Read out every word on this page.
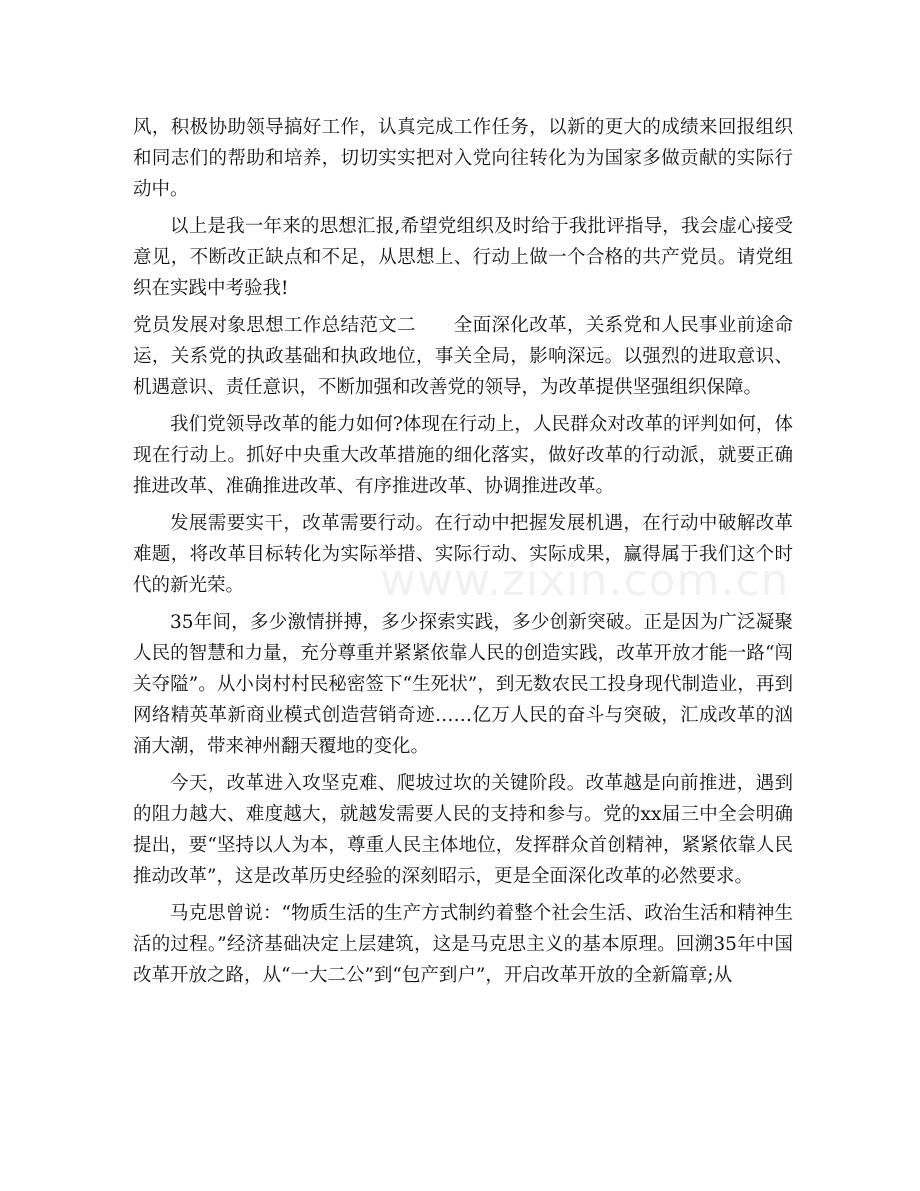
风，积极协助领导搞好工作，认真完成工作任务，以新的更大的成绩来回报组织和同志们的帮助和培养，切切实实把对入党向往转化为为国家多做贡献的实际行动中。

以上是我一年来的思想汇报,希望党组织及时给于我批评指导，我会虚心接受意见，不断改正缺点和不足，从思想上、行动上做一个合格的共产党员。请党组织在实践中考验我!

党员发展对象思想工作总结范文二　　全面深化改革，关系党和人民事业前途命运，关系党的执政基础和执政地位，事关全局，影响深远。以强烈的进取意识、机遇意识、责任意识，不断加强和改善党的领导，为改革提供坚强组织保障。

我们党领导改革的能力如何?体现在行动上，人民群众对改革的评判如何，体现在行动上。抓好中央重大改革措施的细化落实，做好改革的行动派，就要正确推进改革、准确推进改革、有序推进改革、协调推进改革。

发展需要实干，改革需要行动。在行动中把握发展机遇，在行动中破解改革难题，将改革目标转化为实际举措、实际行动、实际成果，赢得属于我们这个时代的新光荣。

35年间，多少激情拼搏，多少探索实践，多少创新突破。正是因为广泛凝聚人民的智慧和力量，充分尊重并紧紧依靠人民的创造实践，改革开放才能一路“闯关夺隘”。从小岗村村民秘密签下“生死状”，到无数农民工投身现代制造业，再到网络精英革新商业模式创造营销奇迹……亿万人民的奋斗与突破，汇成改革的汹涌大潮，带来神州翻天覆地的变化。

今天，改革进入攻坚克难、爬坡过坎的关键阶段。改革越是向前推进，遇到的阻力越大、难度越大，就越发需要人民的支持和参与。党的xx届三中全会明确提出，要“坚持以人为本，尊重人民主体地位，发挥群众首创精神，紧紧依靠人民推动改革”，这是改革历史经验的深刻昭示，更是全面深化改革的必然要求。

马克思曾说：“物质生活的生产方式制约着整个社会生活、政治生活和精神生活的过程。”经济基础决定上层建筑，这是马克思主义的基本原理。回溯35年中国改革开放之路，从“一大二公”到“包产到户”，开启改革开放的全新篇章;从

www.zixin.com.cn
